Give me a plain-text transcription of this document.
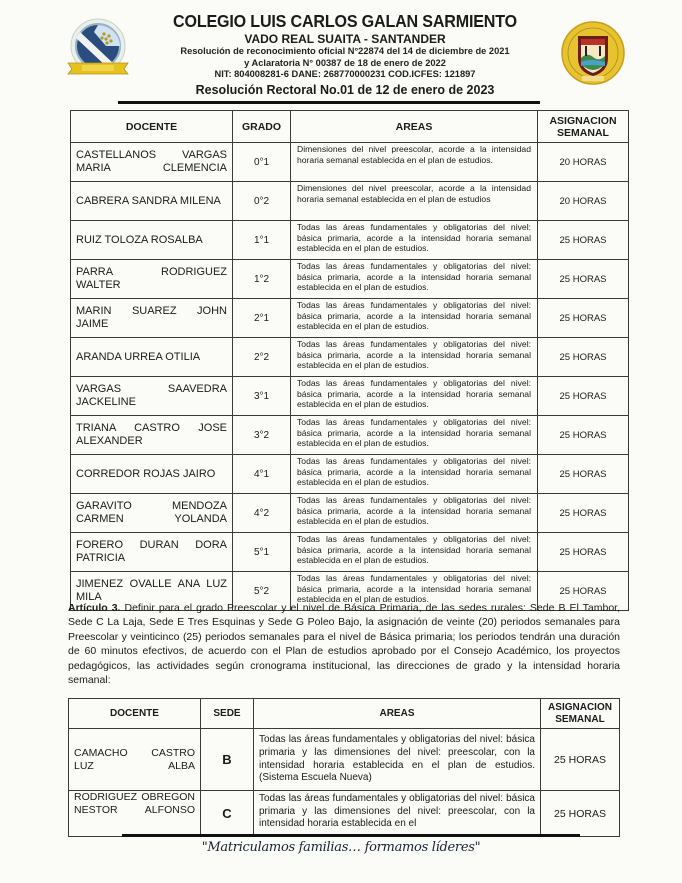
COLEGIO LUIS CARLOS GALAN SARMIENTO
VADO REAL SUAITA - SANTANDER
Resolución de reconocimiento oficial N°22874 del 14 de diciembre de 2021
y Aclaratoria N° 00387 de 18 de enero de 2022
NIT: 804008281-6 DANE: 268770000231 COD.ICFES: 121897
Resolución Rectoral No.01 de 12 de enero de 2023
DOCENTE	GRADO	AREAS	ASIGNACION SEMANAL
CASTELLANOS VARGAS MARIA CLEMENCIA	0°1	Dimensiones del nivel preescolar, acorde a la intensidad horaria semanal establecida en el plan de estudios.	20 HORAS
CABRERA SANDRA MILENA	0°2	Dimensiones del nivel preescolar, acorde a la intensidad horaria semanal establecida en el plan de estudios	20 HORAS
RUIZ TOLOZA ROSALBA	1°1	Todas las áreas fundamentales y obligatorias del nivel: básica primaria, acorde a la intensidad horaria semanal establecida en el plan de estudios.	25 HORAS
PARRA RODRIGUEZ WALTER	1°2	Todas las áreas fundamentales y obligatorias del nivel: básica primaria, acorde a la intensidad horaria semanal establecida en el plan de estudios.	25 HORAS
MARIN SUAREZ JOHN JAIME	2°1	Todas las áreas fundamentales y obligatorias del nivel: básica primaria, acorde a la intensidad horaria semanal establecida en el plan de estudios.	25 HORAS
ARANDA URREA OTILIA	2°2	Todas las áreas fundamentales y obligatorias del nivel: básica primaria, acorde a la intensidad horaria semanal establecida en el plan de estudios.	25 HORAS
VARGAS SAAVEDRA JACKELINE	3°1	Todas las áreas fundamentales y obligatorias del nivel: básica primaria, acorde a la intensidad horaria semanal establecida en el plan de estudios.	25 HORAS
TRIANA CASTRO JOSE ALEXANDER	3°2	Todas las áreas fundamentales y obligatorias del nivel: básica primaria, acorde a la intensidad horaria semanal establecida en el plan de estudios.	25 HORAS
CORREDOR ROJAS JAIRO	4°1	Todas las áreas fundamentales y obligatorias del nivel: básica primaria, acorde a la intensidad horaria semanal establecida en el plan de estudios.	25 HORAS
GARAVITO MENDOZA CARMEN YOLANDA	4°2	Todas las áreas fundamentales y obligatorias del nivel: básica primaria, acorde a la intensidad horaria semanal establecida en el plan de estudios.	25 HORAS
FORERO DURAN DORA PATRICIA	5°1	Todas las áreas fundamentales y obligatorias del nivel: básica primaria, acorde a la intensidad horaria semanal establecida en el plan de estudios.	25 HORAS
JIMENEZ OVALLE ANA LUZ MILA	5°2	Todas las áreas fundamentales y obligatorias del nivel: básica primaria, acorde a la intensidad horaria semanal establecida en el plan de estudios.	25 HORAS
Artículo 3. Definir para el grado Preescolar y el nivel de Básica Primaria, de las sedes rurales: Sede B El Tambor, Sede C La Laja, Sede E Tres Esquinas y Sede G Poleo Bajo, la asignación de veinte (20) periodos semanales para Preescolar y veinticinco (25) periodos semanales para el nivel de Básica primaria; los periodos tendrán una duración de 60 minutos efectivos, de acuerdo con el Plan de estudios aprobado por el Consejo Académico, los proyectos pedagógicos, las actividades según cronograma institucional, las direcciones de grado y la intensidad horaria semanal:
DOCENTE	SEDE	AREAS	ASIGNACION SEMANAL
CAMACHO CASTRO LUZ ALBA	B	Todas las áreas fundamentales y obligatorias del nivel: básica primaria y las dimensiones del nivel: preescolar, con la intensidad horaria establecida en el plan de estudios. (Sistema Escuela Nueva)	25 HORAS
RODRIGUEZ OBREGON NESTOR ALFONSO	C	Todas las áreas fundamentales y obligatorias del nivel: básica primaria y las dimensiones del nivel: preescolar, con la intensidad horaria establecida en el	25 HORAS
"Matriculamos familias… formamos líderes"
